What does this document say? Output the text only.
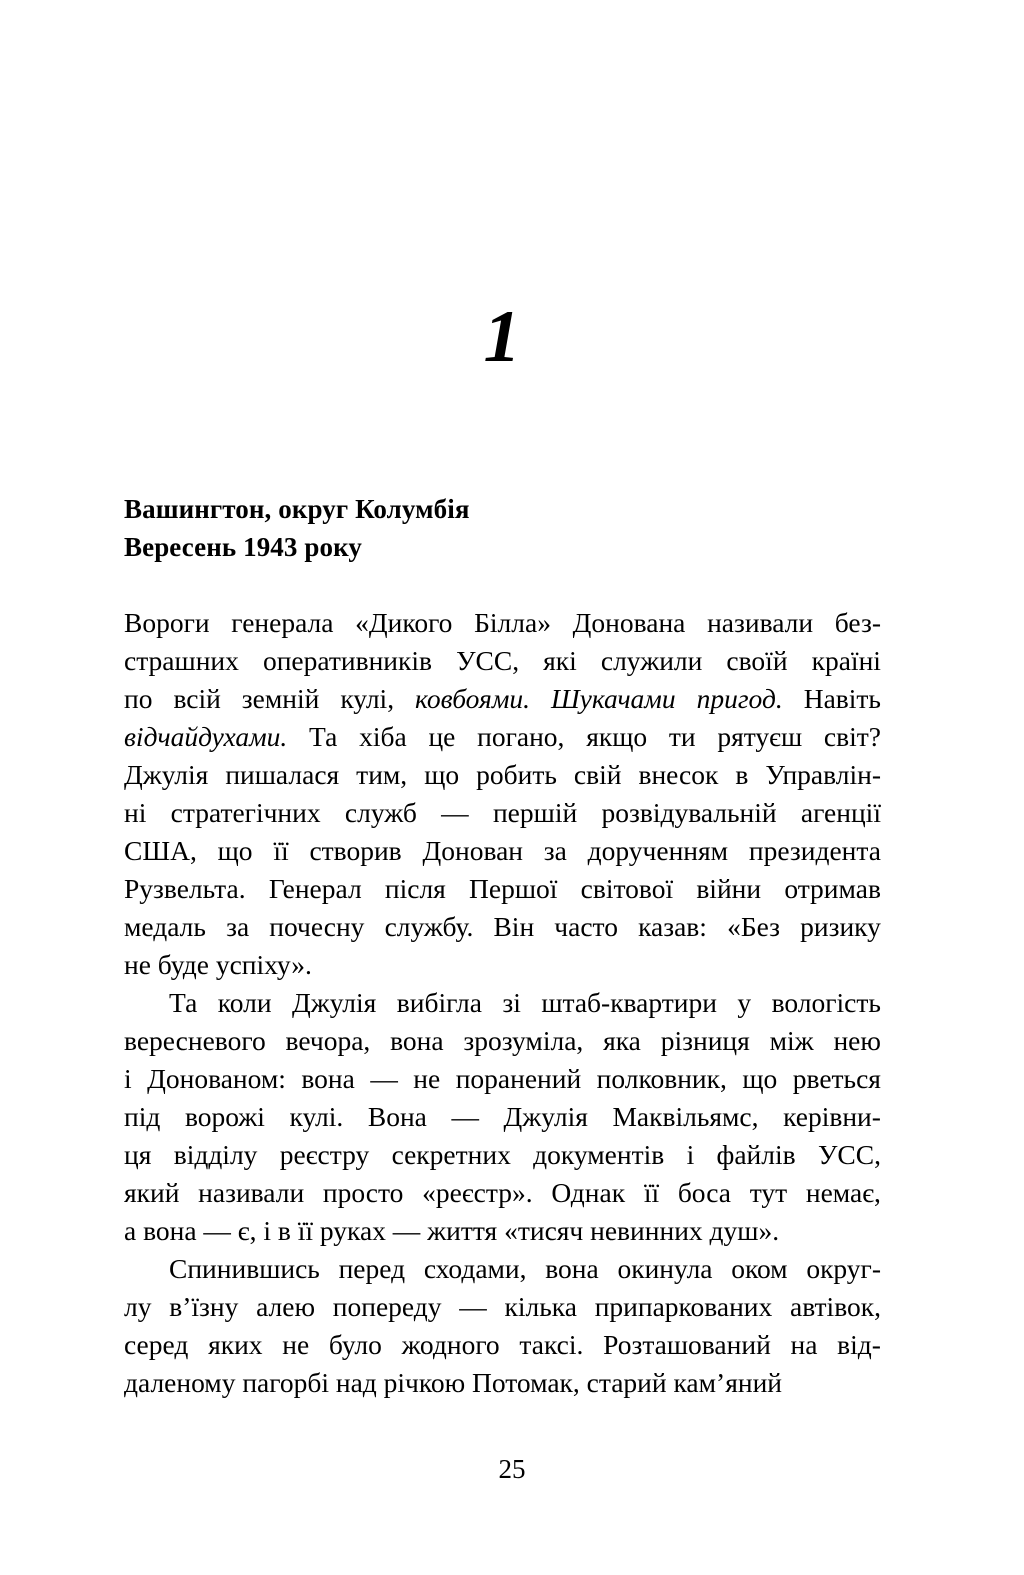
1
Вашингтон, округ Колумбія
Вересень 1943 року

Вороги генерала «Дикого Білла» Донована називали без-
страшних оперативників УСС, які служили своїй країні
по всій земній кулі, ковбоями. Шукачами пригод. Навіть
відчайдухами. Та хіба це погано, якщо ти рятуєш світ?
Джулія пишалася тим, що робить свій внесок в Управлін-
ні стратегічних служб — першій розвідувальній агенції
США, що її створив Донован за дорученням президента
Рузвельта. Генерал після Першої світової війни отримав
медаль за почесну службу. Він часто казав: «Без ризику
не буде успіху».

Та коли Джулія вибігла зі штаб-квартири у вологість
вересневого вечора, вона зрозуміла, яка різниця між нею
і Донованом: вона — не поранений полковник, що рветься
під ворожі кулі. Вона — Джулія Маквільямс, керівни-
ця відділу реєстру секретних документів і файлів УСС,
який називали просто «реєстр». Однак її боса тут немає,
а вона — є, і в її руках — життя «тисяч невинних душ».

Спинившись перед сходами, вона окинула оком округ-
лу в’їзну алею попереду — кілька припаркованих автівок,
серед яких не було жодного таксі. Розташований на від-
даленому пагорбі над річкою Потомак, старий кам’яний

25
